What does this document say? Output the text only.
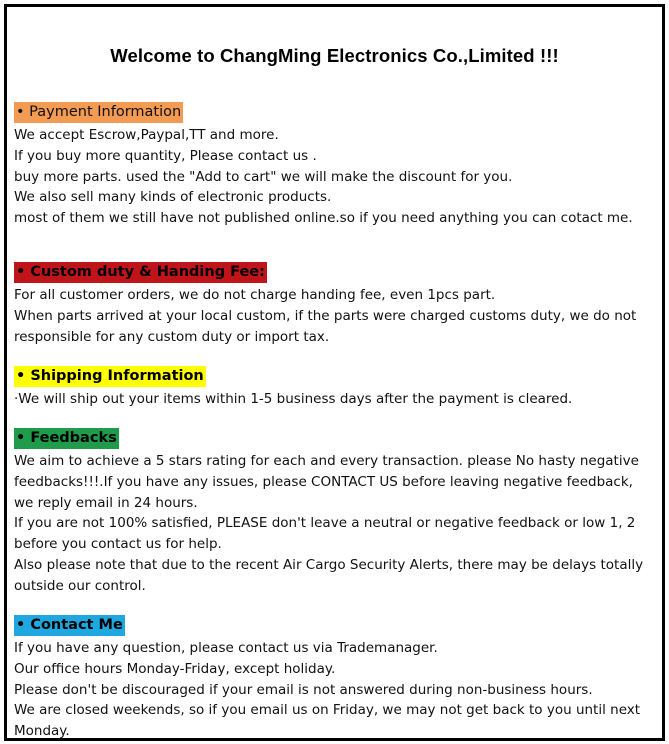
Welcome to ChangMing Electronics Co.,Limited !!!
• Payment Information
We accept Escrow,Paypal,TT and more.
If you buy more quantity, Please contact us .
buy more parts. used the "Add to cart" we will make the discount for you.
We also sell many kinds of electronic products.
most of them we still have not published online.so if you need anything you can cotact me.
• Custom duty & Handing Fee:
For all customer orders, we do not charge handing fee, even 1pcs part.
When parts arrived at your local custom, if the parts were charged customs duty, we do not
responsible for any custom duty or import tax.
• Shipping Information
·We will ship out your items within 1-5 business days after the payment is cleared.
• Feedbacks
We aim to achieve a 5 stars rating for each and every transaction. please No hasty negative
feedbacks!!!.If you have any issues, please CONTACT US before leaving negative feedback,
we reply email in 24 hours.
If you are not 100% satisfied, PLEASE don't leave a neutral or negative feedback or low 1, 2
before you contact us for help.
Also please note that due to the recent Air Cargo Security Alerts, there may be delays totally
outside our control.
• Contact Me
If you have any question, please contact us via Trademanager.
Our office hours Monday-Friday, except holiday.
Please don't be discouraged if your email is not answered during non-business hours.
We are closed weekends, so if you email us on Friday, we may not get back to you until next
Monday.
